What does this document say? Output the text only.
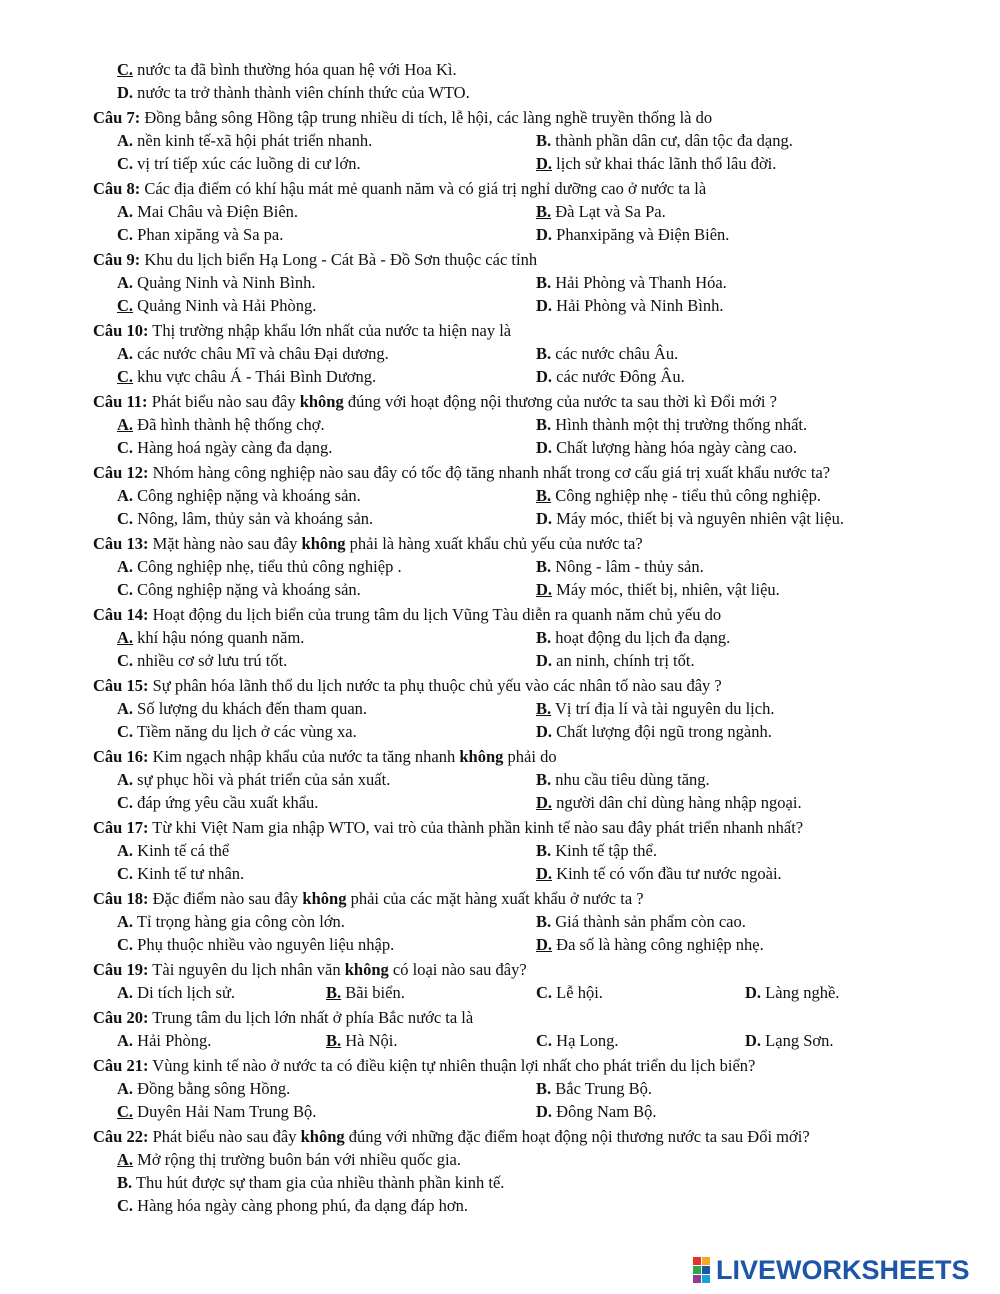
C. nước ta đã bình thường hóa quan hệ với Hoa Kì.
D. nước ta trở thành thành viên chính thức của WTO.
Câu 7: Đồng bằng sông Hồng tập trung nhiều di tích, lễ hội, các làng nghề truyền thống là do
A. nền kinh tế-xã hội phát triển nhanh.	B. thành phần dân cư, dân tộc đa dạng.
C. vị trí tiếp xúc các luồng di cư lớn.	D. lịch sử khai thác lãnh thổ lâu đời.
Câu 8: Các địa điểm có khí hậu mát mẻ quanh năm và có giá trị nghỉ dưỡng cao ở nước ta là
A. Mai Châu và Điện Biên.	B. Đà Lạt và Sa Pa.
C. Phan xipăng và Sa pa.	D. Phanxipăng và Điện Biên.
Câu 9: Khu du lịch biển Hạ Long - Cát Bà - Đồ Sơn thuộc các tỉnh
A. Quảng Ninh và Ninh Bình.	B. Hải Phòng và Thanh Hóa.
C. Quảng Ninh và Hải Phòng.	D. Hải Phòng và Ninh Bình.
Câu 10: Thị trường nhập khẩu lớn nhất của nước ta hiện nay là
A. các nước châu Mĩ và châu Đại dương.	B. các nước châu Âu.
C. khu vực châu Á - Thái Bình Dương.	D. các nước Đông Âu.
Câu 11: Phát biểu nào sau đây không đúng với hoạt động nội thương của nước ta sau thời kì Đổi mới ?
A. Đã hình thành hệ thống chợ.	B. Hình thành một thị trường thống nhất.
C. Hàng hoá ngày càng đa dạng.	D. Chất lượng hàng hóa ngày càng cao.
Câu 12: Nhóm hàng công nghiệp nào sau đây có tốc độ tăng nhanh nhất trong cơ cấu giá trị xuất khẩu nước ta?
A. Công nghiệp nặng và khoáng sản.	B. Công nghiệp nhẹ - tiểu thủ công nghiệp.
C. Nông, lâm, thủy sản và khoáng sản.	D. Máy móc, thiết bị và nguyên nhiên vật liệu.
Câu 13: Mặt hàng nào sau đây không phải là hàng xuất khẩu chủ yếu của nước ta?
A. Công nghiệp nhẹ, tiểu thủ công nghiệp .	B. Nông - lâm - thủy sản.
C. Công nghiệp nặng và khoáng sản.	D. Máy móc, thiết bị, nhiên, vật liệu.
Câu 14: Hoạt động du lịch biển của trung tâm du lịch Vũng Tàu diễn ra quanh năm chủ yếu do
A. khí hậu nóng quanh năm.	B. hoạt động du lịch đa dạng.
C. nhiều cơ sở lưu trú tốt.	D. an ninh, chính trị tốt.
Câu 15: Sự phân hóa lãnh thổ du lịch nước ta phụ thuộc chủ yếu vào các nhân tố nào sau đây ?
A. Số lượng du khách đến tham quan.	B. Vị trí địa lí và tài nguyên du lịch.
C. Tiềm năng du lịch ở các vùng xa.	D. Chất lượng đội ngũ trong ngành.
Câu 16: Kim ngạch nhập khẩu của nước ta tăng nhanh không phải do
A. sự phục hồi và phát triển của sản xuất.	B. nhu cầu tiêu dùng tăng.
C. đáp ứng yêu cầu xuất khẩu.	D. người dân chỉ dùng hàng nhập ngoại.
Câu 17: Từ khi Việt Nam gia nhập WTO, vai trò của thành phần kinh tế nào sau đây phát triển nhanh nhất?
A. Kinh tế cá thể	B. Kinh tế tập thể.
C. Kinh tế tư nhân.	D. Kinh tế có vốn đầu tư nước ngoài.
Câu 18: Đặc điểm nào sau đây không phải của các mặt hàng xuất khẩu ở nước ta ?
A. Tỉ trọng hàng gia công còn lớn.	B. Giá thành sản phẩm còn cao.
C. Phụ thuộc nhiều vào nguyên liệu nhập.	D. Đa số là hàng công nghiệp nhẹ.
Câu 19: Tài nguyên du lịch nhân văn không có loại nào sau đây?
A. Di tích lịch sử.	B. Bãi biển.	C. Lễ hội.	D. Làng nghề.
Câu 20: Trung tâm du lịch lớn nhất ở phía Bắc nước ta là
A. Hải Phòng.	B. Hà Nội.	C. Hạ Long.	D. Lạng Sơn.
Câu 21: Vùng kinh tế nào ở nước ta có điều kiện tự nhiên thuận lợi nhất cho phát triển du lịch biển?
A. Đồng bằng sông Hồng.	B. Bắc Trung Bộ.
C. Duyên Hải Nam Trung Bộ.	D. Đông Nam Bộ.
Câu 22: Phát biểu nào sau đây không đúng với những đặc điểm hoạt động nội thương nước ta sau Đổi mới?
A. Mở rộng thị trường buôn bán với nhiều quốc gia.
B. Thu hút được sự tham gia của nhiều thành phần kinh tế.
C. Hàng hóa ngày càng phong phú, đa dạng đáp hơn.
LIVEWORKSHEETS
